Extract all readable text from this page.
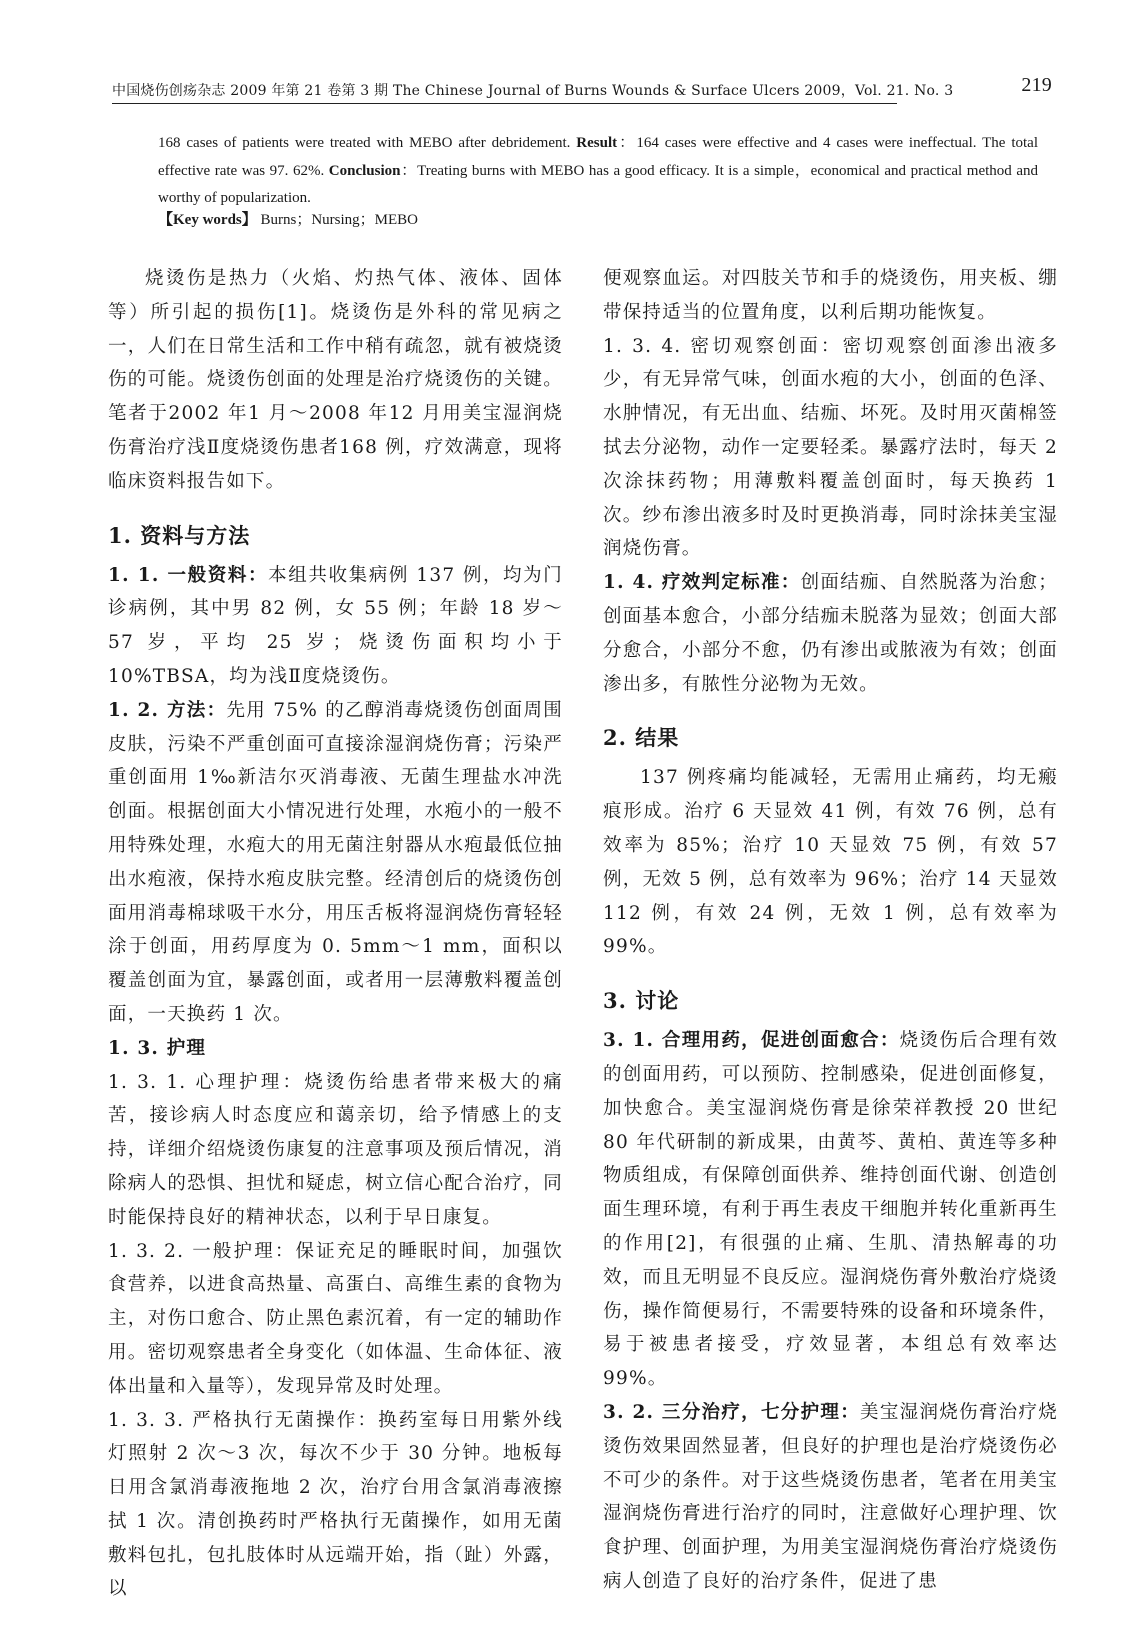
中国烧伤创疡杂志 2009 年第 21 卷第 3 期 The Chinese Journal of Burns Wounds & Surface Ulcers 2009，Vol. 21. No. 3	219
168 cases of patients were treated with MEBO after debridement. Result：164 cases were effective and 4 cases were ineffectual. The total effective rate was 97. 62%. Conclusion：Treating burns with MEBO has a good efficacy. It is a simple，economical and practical method and worthy of popularization.
【Key words】 Burns；Nursing；MEBO

烧烫伤是热力（火焰、灼热气体、液体、固体等）所引起的损伤[1]。烧烫伤是外科的常见病之一，人们在日常生活和工作中稍有疏忽，就有被烧烫伤的可能。烧烫伤创面的处理是治疗烧烫伤的关键。笔者于2002 年1 月～2008 年12 月用美宝湿润烧伤膏治疗浅Ⅱ度烧烫伤患者168 例，疗效满意，现将临床资料报告如下。

1. 资料与方法

1. 1. 一般资料：本组共收集病例 137 例，均为门诊病例，其中男 82 例，女 55 例；年龄 18 岁～57 岁，平均 25 岁；烧烫伤面积均小于 10%TBSA，均为浅Ⅱ度烧烫伤。

1. 2. 方法：先用 75% 的乙醇消毒烧烫伤创面周围皮肤，污染不严重创面可直接涂湿润烧伤膏；污染严重创面用 1‰新洁尔灭消毒液、无菌生理盐水冲洗创面。根据创面大小情况进行处理，水疱小的一般不用特殊处理，水疱大的用无菌注射器从水疱最低位抽出水疱液，保持水疱皮肤完整。经清创后的烧烫伤创面用消毒棉球吸干水分，用压舌板将湿润烧伤膏轻轻涂于创面，用药厚度为 0. 5mm～1 mm，面积以覆盖创面为宜，暴露创面，或者用一层薄敷料覆盖创面，一天换药 1 次。

1. 3. 护理

1. 3. 1. 心理护理：烧烫伤给患者带来极大的痛苦，接诊病人时态度应和蔼亲切，给予情感上的支持，详细介绍烧烫伤康复的注意事项及预后情况，消除病人的恐惧、担忧和疑虑，树立信心配合治疗，同时能保持良好的精神状态，以利于早日康复。

1. 3. 2. 一般护理：保证充足的睡眠时间，加强饮食营养，以进食高热量、高蛋白、高维生素的食物为主，对伤口愈合、防止黑色素沉着，有一定的辅助作用。密切观察患者全身变化（如体温、生命体征、液体出量和入量等），发现异常及时处理。

1. 3. 3. 严格执行无菌操作：换药室每日用紫外线灯照射 2 次～3 次，每次不少于 30 分钟。地板每日用含氯消毒液拖地 2 次，治疗台用含氯消毒液擦拭 1 次。清创换药时严格执行无菌操作，如用无菌敷料包扎，包扎肢体时从远端开始，指（趾）外露，以

便观察血运。对四肢关节和手的烧烫伤，用夹板、绷带保持适当的位置角度，以利后期功能恢复。

1. 3. 4. 密切观察创面：密切观察创面渗出液多少，有无异常气味，创面水疱的大小，创面的色泽、水肿情况，有无出血、结痂、坏死。及时用灭菌棉签拭去分泌物，动作一定要轻柔。暴露疗法时，每天 2 次涂抹药物；用薄敷料覆盖创面时，每天换药 1 次。纱布渗出液多时及时更换消毒，同时涂抹美宝湿润烧伤膏。

1. 4. 疗效判定标准：创面结痂、自然脱落为治愈；创面基本愈合，小部分结痂未脱落为显效；创面大部分愈合，小部分不愈，仍有渗出或脓液为有效；创面渗出多，有脓性分泌物为无效。

2. 结果

137 例疼痛均能减轻，无需用止痛药，均无瘢痕形成。治疗 6 天显效 41 例，有效 76 例，总有效率为 85%；治疗 10 天显效 75 例，有效 57 例，无效 5 例，总有效率为 96%；治疗 14 天显效 112 例，有效 24 例，无效 1 例，总有效率为 99%。

3. 讨论

3. 1. 合理用药，促进创面愈合：烧烫伤后合理有效的创面用药，可以预防、控制感染，促进创面修复，加快愈合。美宝湿润烧伤膏是徐荣祥教授 20 世纪 80 年代研制的新成果，由黄芩、黄柏、黄连等多种物质组成，有保障创面供养、维持创面代谢、创造创面生理环境，有利于再生表皮干细胞并转化重新再生的作用[2]，有很强的止痛、生肌、清热解毒的功效，而且无明显不良反应。湿润烧伤膏外敷治疗烧烫伤，操作简便易行，不需要特殊的设备和环境条件，易于被患者接受，疗效显著，本组总有效率达 99%。

3. 2. 三分治疗，七分护理：美宝湿润烧伤膏治疗烧烫伤效果固然显著，但良好的护理也是治疗烧烫伤必不可少的条件。对于这些烧烫伤患者，笔者在用美宝湿润烧伤膏进行治疗的同时，注意做好心理护理、饮食护理、创面护理，为用美宝湿润烧伤膏治疗烧烫伤病人创造了良好的治疗条件，促进了患
